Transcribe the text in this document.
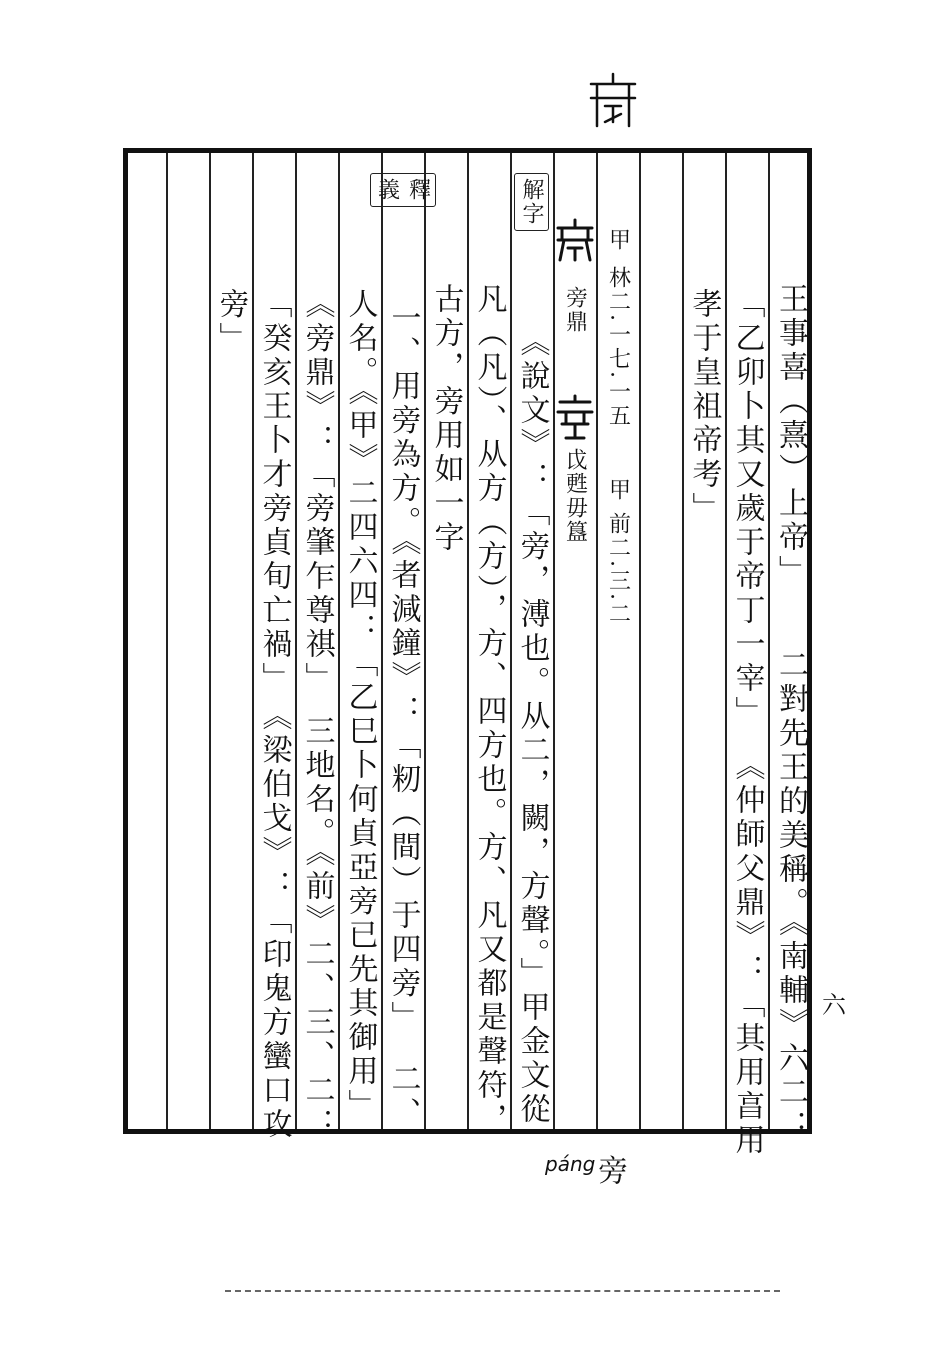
王事喜（熹）上帝」
二對先王的美稱。《南輔》六二：
「乙卯卜其又歲于帝丁一宰」
《仲師父鼎》：「其用亯用
孝于皇祖帝考」
甲
林二.一七.一五
甲
前二.三.二
旁鼎
戉甦毋簋
解字
《說文》：「旁，溥也。从二，闕，方聲。」甲金文從
凡（凡）、从方（方），方、四方也。方、凡又都是聲符，
古方，旁用如一字
釋義
一、用旁為方。《者減鐘》：「籾（間）于四旁」
二、
人名。《甲》二四六四：「乙巳卜何貞亞旁已先其御用」
《旁鼎》：「旁肇乍尊祺」　三地名。《前》二、三、二：
「癸亥王卜才旁貞旬亡禍」　《梁伯戈》：「印鬼方蠻口攻
旁」
六
páng 旁
